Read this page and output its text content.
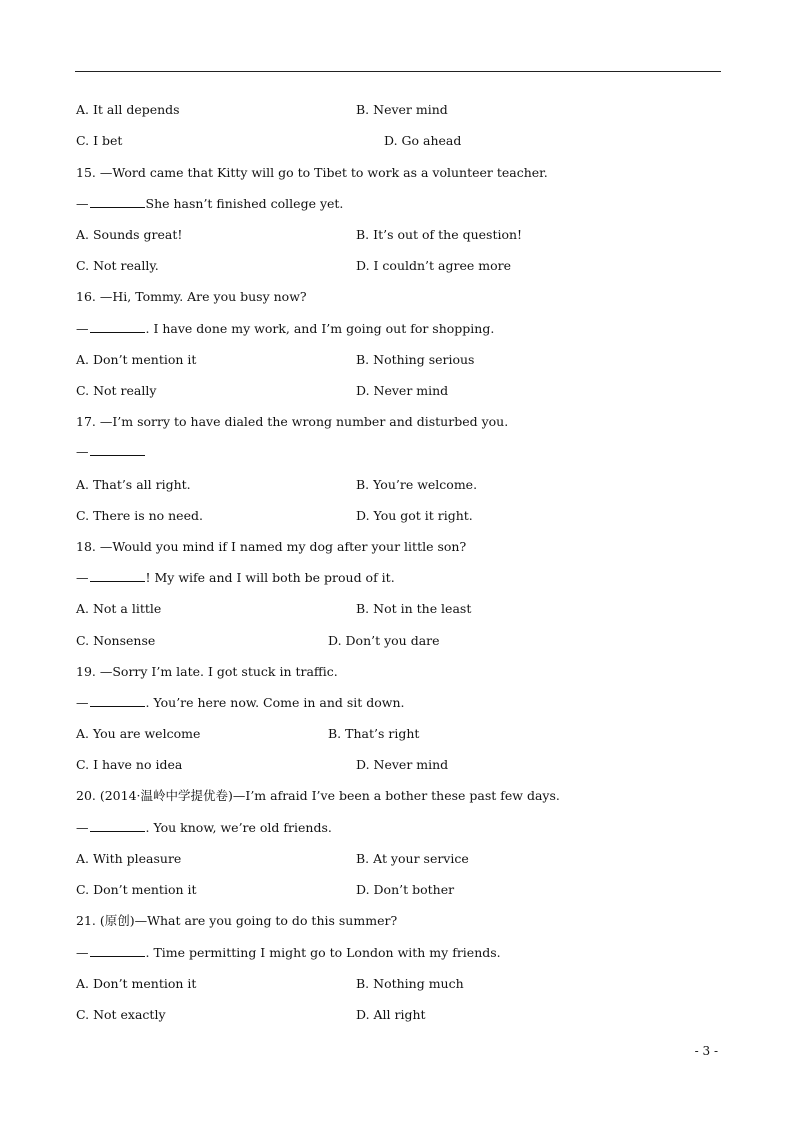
A. It all depends	B. Never mind
C. I bet	D. Go ahead
15. —Word came that Kitty will go to Tibet to work as a volunteer teacher.
—	She hasn’t finished college yet.
A. Sounds great!	B. It’s out of the question!
C. Not really.	D. I couldn’t agree more
16. —Hi, Tommy. Are you busy now?
—	. I have done my work, and I’m going out for shopping.
A. Don’t mention it	B. Nothing serious
C. Not really	D. Never mind
17. —I’m sorry to have dialed the wrong number and disturbed you.
—
A. That’s all right.	B. You’re welcome.
C. There is no need.	D. You got it right.
18. —Would you mind if I named my dog after your little son?
—	! My wife and I will both be proud of it.
A. Not a little	B. Not in the least
C. Nonsense	D. Don’t you dare
19. —Sorry I’m late. I got stuck in traffic.
—	. You’re here now. Come in and sit down.
A. You are welcome	B. That’s right
C. I have no idea	D. Never mind
20. (2014·温岭中学提优卷)—I’m afraid I’ve been a bother these past few days.
—	. You know, we’re old friends.
A. With pleasure	B. At your service
C. Don’t mention it	D. Don’t bother
21. (原创)—What are you going to do this summer?
—	. Time permitting I might go to London with my friends.
A. Don’t mention it	B. Nothing much
C. Not exactly	D. All right
- 3 -
